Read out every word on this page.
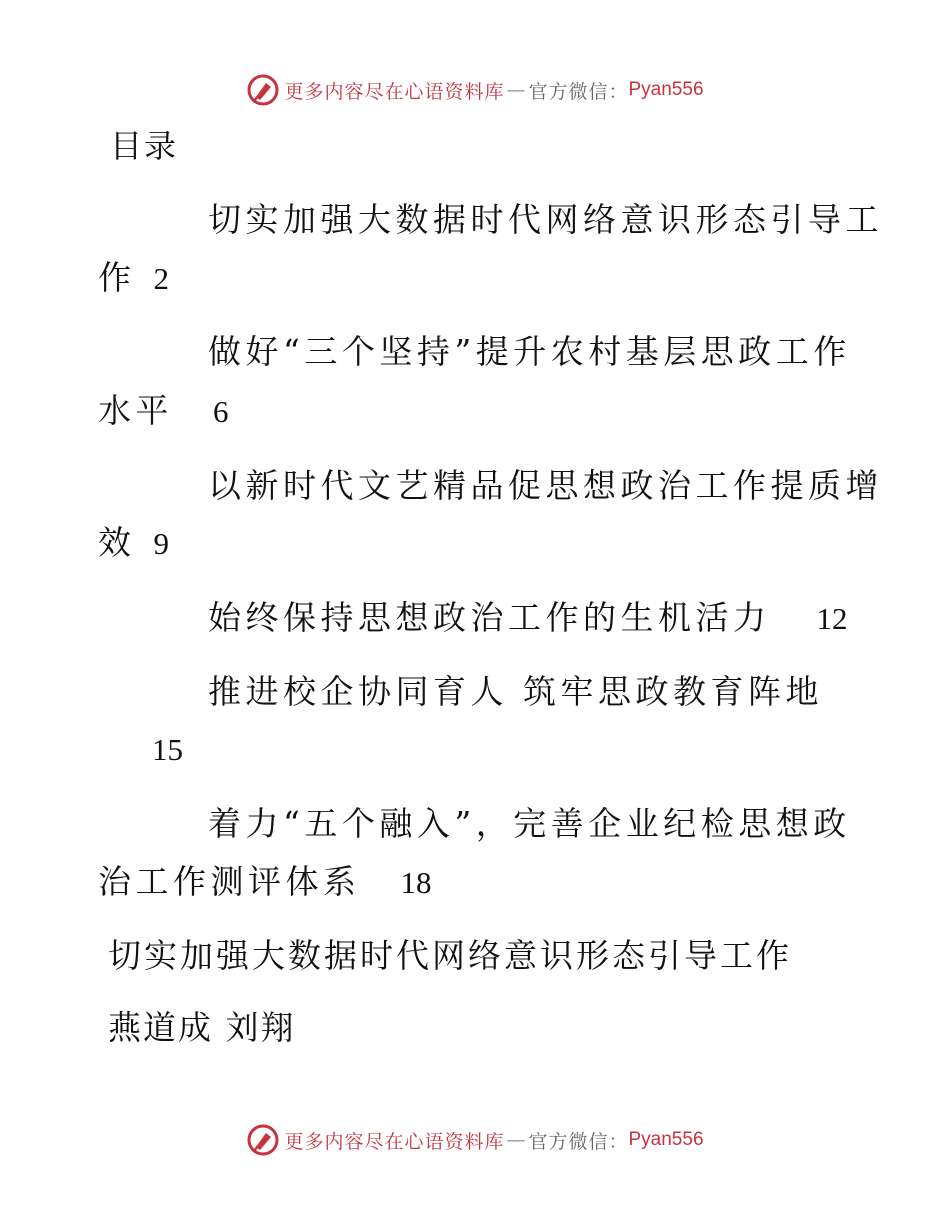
更多内容尽在心语资料库 — 官方微信： Pyan556
目录
切实加强大数据时代网络意识形态引导工
作 2
做好“三个坚持”提升农村基层思政工作
水平 6
以新时代文艺精品促思想政治工作提质增
效 9
始终保持思想政治工作的生机活力 12
推进校企协同育人 筑牢思政教育阵地
15
着力“五个融入”，完善企业纪检思想政
治工作测评体系 18
切实加强大数据时代网络意识形态引导工作
燕道成 刘翔
更多内容尽在心语资料库 — 官方微信： Pyan556
